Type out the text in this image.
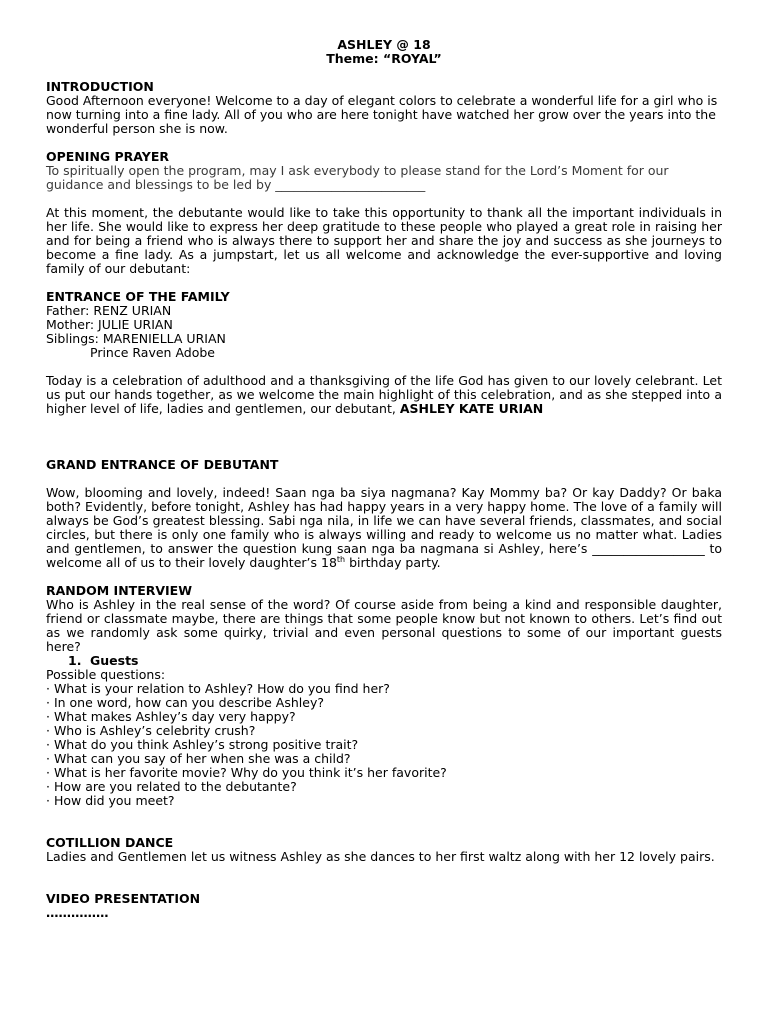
ASHLEY @ 18
Theme: “ROYAL”
INTRODUCTION

Good Afternoon everyone! Welcome to a day of elegant colors to celebrate a wonderful life for a girl who is now turning into a fine lady. All of you who are here tonight have watched her grow over the years into the wonderful person she is now.

OPENING PRAYER

To spiritually open the program, may I ask everybody to please stand for the Lord’s Moment for our guidance and blessings to be led by ________________________

At this moment, the debutante would like to take this opportunity to thank all the important individuals in her life. She would like to express her deep gratitude to these people who played a great role in raising her and for being a friend who is always there to support her and share the joy and success as she journeys to become a fine lady. As a jumpstart, let us all welcome and acknowledge the ever-supportive and loving family of our debutant:

ENTRANCE OF THE FAMILY

Father: RENZ URIAN

Mother: JULIE URIAN

Siblings: MARENIELLA URIAN

Prince Raven Adobe

Today is a celebration of adulthood and a thanksgiving of the life God has given to our lovely celebrant. Let us put our hands together, as we welcome the main highlight of this celebration, and as she stepped into a higher level of life, ladies and gentlemen, our debutant, ASHLEY KATE URIAN

GRAND ENTRANCE OF DEBUTANT

Wow, blooming and lovely, indeed! Saan nga ba siya nagmana? Kay Mommy ba? Or kay Daddy? Or baka both? Evidently, before tonight, Ashley has had happy years in a very happy home. The love of a family will always be God’s greatest blessing. Sabi nga nila, in life we can have several friends, classmates, and social circles, but there is only one family who is always willing and ready to welcome us no matter what. Ladies and gentlemen, to answer the question kung saan nga ba nagmana si Ashley, here’s __________________ to welcome all of us to their lovely daughter’s 18th birthday party.

RANDOM INTERVIEW

Who is Ashley in the real sense of the word? Of course aside from being a kind and responsible daughter, friend or classmate maybe, there are things that some people know but not known to others. Let’s find out as we randomly ask some quirky, trivial and even personal questions to some of our important guests here?

1. Guests

Possible questions:

· What is your relation to Ashley? How do you find her?
· In one word, how can you describe Ashley?
· What makes Ashley’s day very happy?
· Who is Ashley’s celebrity crush?
· What do you think Ashley’s strong positive trait?
· What can you say of her when she was a child?
· What is her favorite movie? Why do you think it’s her favorite?
· How are you related to the debutante?
· How did you meet?
COTILLION DANCE

Ladies and Gentlemen let us witness Ashley as she dances to her first waltz along with her 12 lovely pairs.

VIDEO PRESENTATION
……………
